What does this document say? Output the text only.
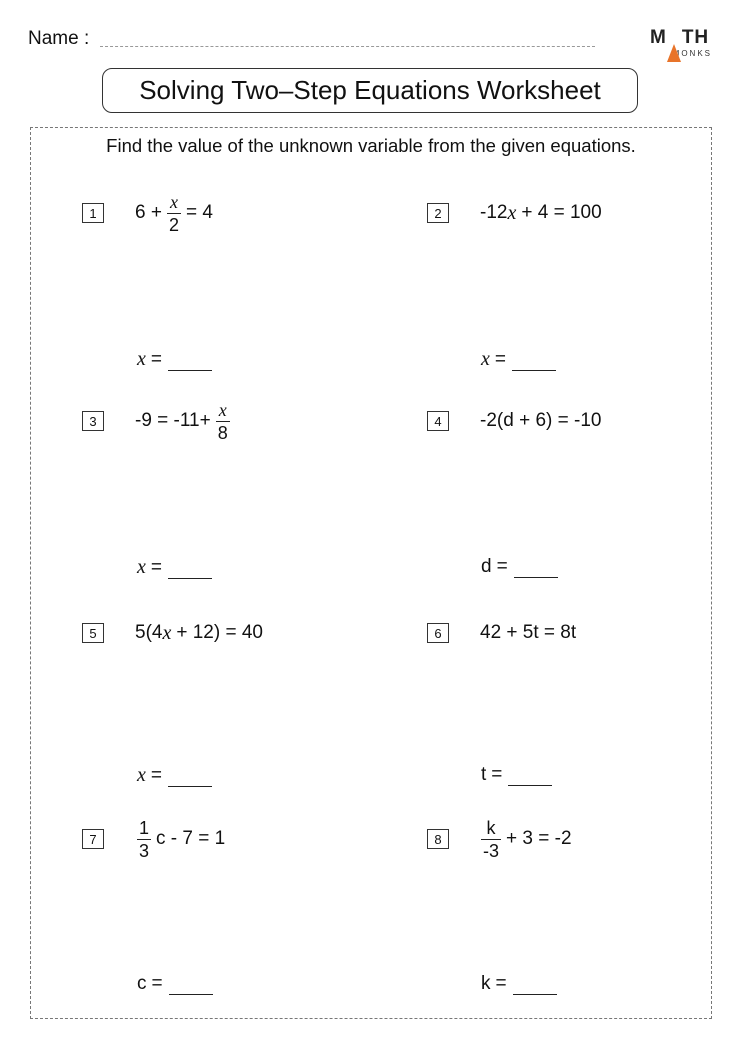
Name :	M TH
MONKS
Solving Two–Step Equations Worksheet
Find the value of the unknown variable from the given equations.
1	$6 + \frac{x}{2} = 4$
x =
2	-12 x + 4 = 100
x =
3	$-9 = -11+ \frac{x}{8}$
x =
4	-2(d + 6) = -10
d =
5	5(4 x + 12) = 40
x =
6	42 + 5t = 8t
t =
7	$\frac{1}{3}$ c - 7 = 1
c =
8	$\frac{k}{-3} + 3 = -2$
k =
